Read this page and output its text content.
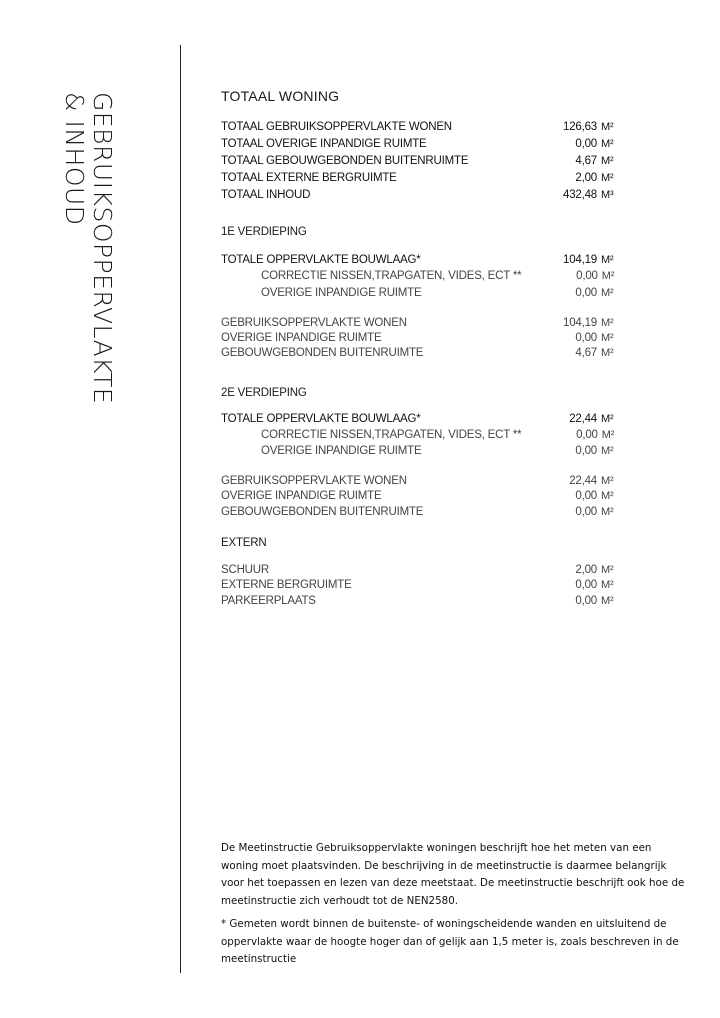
GEBRUIKSOPPERVLAKTE
& INHOUD	TOTAAL WONING
TOTAAL GEBRUIKSOPPERVLAKTE WONEN	126,63 M²
TOTAAL OVERIGE INPANDIGE RUIMTE	0,00 M²
TOTAAL GEBOUWGEBONDEN BUITENRUIMTE	4,67 M²
TOTAAL EXTERNE BERGRUIMTE	2,00 M²
TOTAAL INHOUD	432,48 M³
1E VERDIEPING
TOTALE OPPERVLAKTE BOUWLAAG*	104,19 M²
CORRECTIE NISSEN,TRAPGATEN, VIDES, ECT **	0,00 M²
OVERIGE INPANDIGE RUIMTE	0,00 M²
GEBRUIKSOPPERVLAKTE WONEN	104,19 M²
OVERIGE INPANDIGE RUIMTE	0,00 M²
GEBOUWGEBONDEN BUITENRUIMTE	4,67 M²
2E VERDIEPING
TOTALE OPPERVLAKTE BOUWLAAG*	22,44 M²
CORRECTIE NISSEN,TRAPGATEN, VIDES, ECT **	0,00 M²
OVERIGE INPANDIGE RUIMTE	0,00 M²
GEBRUIKSOPPERVLAKTE WONEN	22,44 M²
OVERIGE INPANDIGE RUIMTE	0,00 M²
GEBOUWGEBONDEN BUITENRUIMTE	0,00 M²
EXTERN
SCHUUR	2,00 M²
EXTERNE BERGRUIMTE	0,00 M²
PARKEERPLAATS	0,00 M²

De Meetinstructie Gebruiksoppervlakte woningen beschrijft hoe het meten van een woning moet plaatsvinden. De beschrijving in de meetinstructie is daarmee belangrijk voor het toepassen en lezen van deze meetstaat. De meetinstructie beschrijft ook hoe de meetinstructie zich verhoudt tot de NEN2580.

* Gemeten wordt binnen de buitenste- of woningscheidende wanden en uitsluitend de oppervlakte waar de hoogte hoger dan of gelijk aan 1,5 meter is, zoals beschreven in de meetinstructie
